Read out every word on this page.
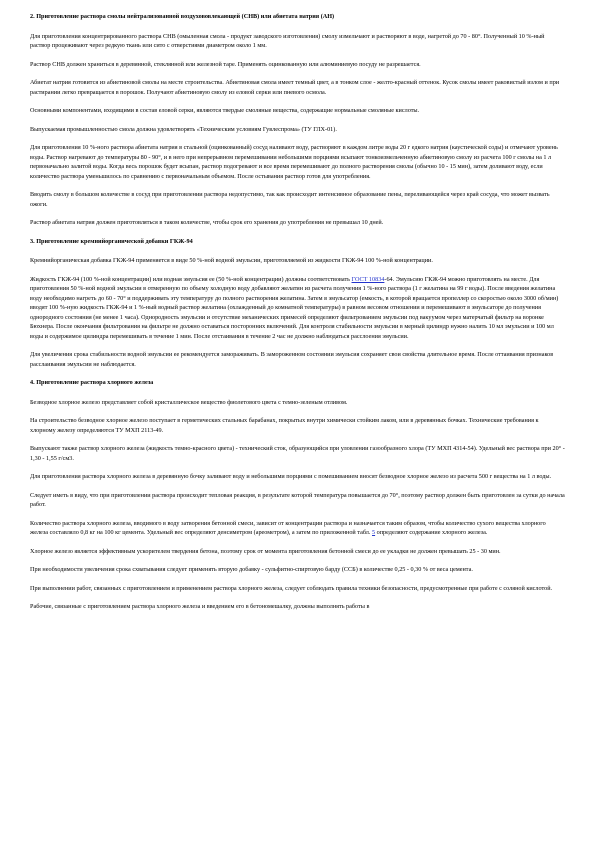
2. Приготовление раствора смолы нейтрализованной воздухововлекающей (СНВ) или абиетата натрия (АН)

Для приготовления концентрированного раствора СНВ (омыленная смола - продукт заводского изготовления) смолу измельчают и растворяют в воде, нагретой до 70 - 80°. Полученный 10 %-ный раствор процеживают через редкую ткань или сито с отверстиями диаметром около 1 мм.

Раствор СНВ должен храниться в деревянной, стеклянной или железной таре. Применять оцинкованную или алюминиевую посуду не разрешается.

Абиетат натрия готовится из абиетиновой смолы на месте строительства. Абиетиновая смола имеет темный цвет, а в тонком слое - желто-красный оттенок. Кусок смолы имеет раковистый излом и при растирании легко превращается в порошок. Получают абиетиновую смолу из еловой серки или пневого осмола.

Основными компонентами, входящими в состав еловой серки, являются твердые смоляные вещества, содержащие нормальные смоляные кислоты.

Выпускаемая промышленностью смола должна удовлетворять «Техническим условиям Гувлеспрома» (ТУ ГЛХ-01).

Для приготовления 10 %-ного раствора абиетата натрия в стальной (оцинкованный) сосуд наливают воду, растворяют в каждом литре воды 20 г едкого натрия (каустической соды) и отмечают уровень воды. Раствор нагревают до температуры 80 - 90°, и в него при непрерывном перемешивании небольшими порциями всыпают тонкоизмельченную абиетиновую смолу из расчета 100 г смолы на 1 л первоначально залитой воды. Когда весь порошок будет всыпан, раствор подогревают и все время перемешивают до полного растворения смолы (обычно 10 - 15 мин), затем доливают воду, если количество раствора уменьшилось по сравнению с первоначальным объемом. После остывания раствор готов для употребления.

Вводить смолу в большом количестве в сосуд при приготовлении раствора недопустимо, так как происходит интенсивное образование пены, переливающейся через край сосуда, что может вызвать ожоги.

Раствор абиетата натрия должен приготовляться в таком количестве, чтобы срок его хранения до употребления не превышал 10 дней.

3. Приготовление кремнийорганической добавки ГКЖ-94

Кремнийорганическая добавка ГКЖ-94 применяется в виде 50 %-ной водной эмульсии, приготовляемой из жидкости ГКЖ-94 100 %-ной концентрации.

Жидкость ГКЖ-94 (100 %-ной концентрации) или водная эмульсия ее (50 %-ной концентрации) должны соответствовать ГОСТ 10834-64. Эмульсию ГКЖ-94 можно приготовлять на месте. Для приготовления 50 %-ной водной эмульсии в отмеренную по объему холодную воду добавляют желатин из расчета получения 1 %-ного раствора (1 г желатина на 99 г воды). После введения желатина воду необходимо нагреть до 60 - 70° и поддерживать эту температуру до полного растворения желатина. Затем в эмульсатор (емкость, в которой вращается пропеллер со скоростью около 3000 об/мин) вводят 100 %-ную жидкость ГКЖ-94 и 1 %-ный водный раствор желатина (охлажденный до комнатной температуры) в равном весовом отношении и перемешивают в эмульсаторе до получения однородного состояния (не менее 1 часа). Однородность эмульсии и отсутствие механических примесей определяют фильтрованием эмульсии под вакуумом через матерчатый фильтр на воронке Бюхнера. После окончания фильтрования на фильтре не должно оставаться посторонних включений. Для контроля стабильности эмульсии в мерный цилиндр нужно налить 10 мл эмульсии и 100 мл воды и содержимое цилиндра перемешивать в течение 1 мин. После отстаивания в течение 2 час не должно наблюдаться расслоения эмульсии.

Для увеличения срока стабильности водной эмульсии ее рекомендуется замораживать. В замороженном состоянии эмульсия сохраняет свои свойства длительное время. После оттаивания признаков расслаивания эмульсии не наблюдается.

4. Приготовление раствора хлорного железа

Безводное хлорное железо представляет собой кристаллическое вещество фиолетового цвета с темно-зеленым отливом.

На строительство безводное хлорное железо поступает в герметических стальных барабанах, покрытых внутри химически стойким лаком, или в деревянных бочках. Технические требования к хлорному железу определяются ТУ МХП 2113-49.

Выпускают также раствор хлорного железа (жидкость темно-красного цвета) - технический сток, образующийся при уловлении газообразного хлора (ТУ МХП 4314-54). Удельный вес раствора при 20° - 1,30 - 1,55 г/см3.

Для приготовления раствора хлорного железа в деревянную бочку заливают воду и небольшими порциями с помешиванием вносят безводное хлорное железо из расчета 500 г вещества на 1 л воды.

Следует иметь в виду, что при приготовлении раствора происходит тепловая реакция, в результате которой температура повышается до 70°, поэтому раствор должен быть приготовлен за сутки до начала работ.

Количество раствора хлорного железа, вводимого в воду затворения бетонной смеси, зависит от концентрации раствора и назначается таким образом, чтобы количество сухого вещества хлорного железа составляло 0,8 кг на 100 кг цемента. Удельный вес определяют денсиметром (ареометром), а затем по приложенной табл. 5 определяют содержание хлорного железа.

Хлорное железо является эффективным ускорителем твердения бетона, поэтому срок от момента приготовления бетонной смеси до ее укладки не должен превышать 25 - 30 мин.

При необходимости увеличения срока схватывания следует применять вторую добавку - сульфитно-спиртовую барду (ССБ) в количестве 0,25 - 0,30 % от веса цемента.

При выполнении работ, связанных с приготовлением и применением раствора хлорного железа, следует соблюдать правила техники безопасности, предусмотренные при работе с соляной кислотой.

Рабочие, связанные с приготовлением раствора хлорного железа и введением его в бетономешалку, должны выполнять работы в
